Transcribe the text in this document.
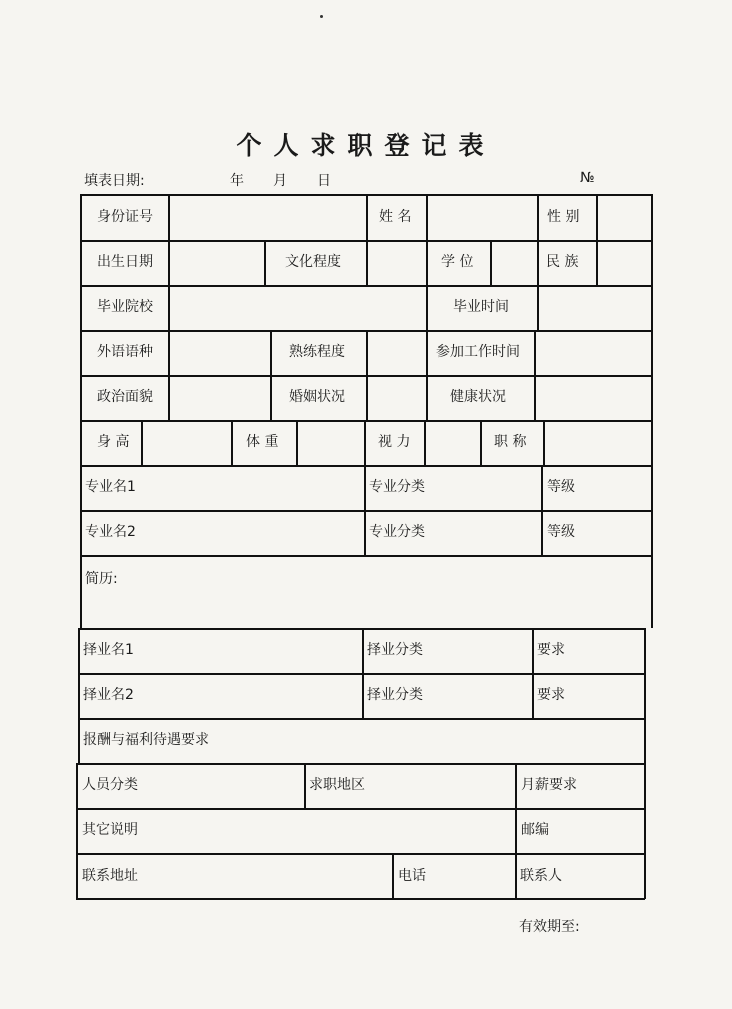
个人求职登记表
填表日期:	年 月 日	№
身份证号	姓 名	性 别
出生日期	文化程度	学 位	民 族
毕业院校	毕业时间
外语语种	熟练程度	参加工作时间
政治面貌	婚姻状况	健康状况
身 高	体 重	视 力	职 称
专业名1	专业分类	等级
专业名2	专业分类	等级
简历:
择业名1	择业分类	要求
择业名2	择业分类	要求
报酬与福利待遇要求
人员分类	求职地区	月薪要求
其它说明	邮编
联系地址	电话	联系人
有效期至:
